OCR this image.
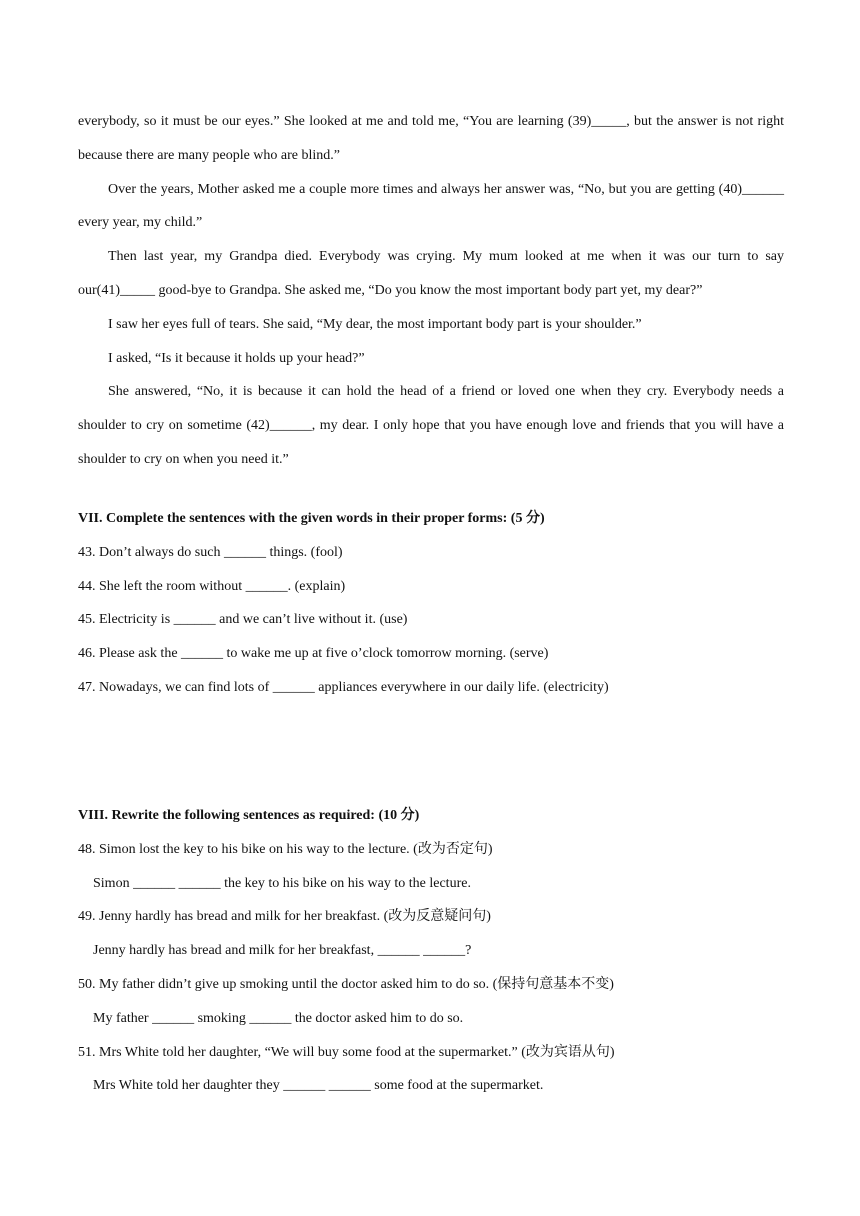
everybody, so it must be our eyes.” She looked at me and told me, “You are learning (39)_____, but the answer is not right because there are many people who are blind.”

Over the years, Mother asked me a couple more times and always her answer was, “No, but you are getting (40)______ every year, my child.”

Then last year, my Grandpa died. Everybody was crying. My mum looked at me when it was our turn to say our(41)_____ good-bye to Grandpa. She asked me, “Do you know the most important body part yet, my dear?”

I saw her eyes full of tears. She said, “My dear, the most important body part is your shoulder.”

I asked, “Is it because it holds up your head?”

She answered, “No, it is because it can hold the head of a friend or loved one when they cry. Everybody needs a shoulder to cry on sometime (42)______, my dear. I only hope that you have enough love and friends that you will have a shoulder to cry on when you need it.”

VII. Complete the sentences with the given words in their proper forms: (5 分)

43. Don’t always do such ______ things. (fool)

44. She left the room without ______. (explain)

45. Electricity is ______ and we can’t live without it. (use)

46. Please ask the ______ to wake me up at five o’clock tomorrow morning. (serve)

47. Nowadays, we can find lots of ______ appliances everywhere in our daily life. (electricity)

VIII. Rewrite the following sentences as required: (10 分)

48. Simon lost the key to his bike on his way to the lecture. (改为否定句)

Simon ______ ______ the key to his bike on his way to the lecture.

49. Jenny hardly has bread and milk for her breakfast. (改为反意疑问句)

Jenny hardly has bread and milk for her breakfast, ______ ______?

50. My father didn’t give up smoking until the doctor asked him to do so. (保持句意基本不变)

My father ______ smoking ______ the doctor asked him to do so.

51. Mrs White told her daughter, “We will buy some food at the supermarket.” (改为宾语从句)

Mrs White told her daughter they ______ ______ some food at the supermarket.
